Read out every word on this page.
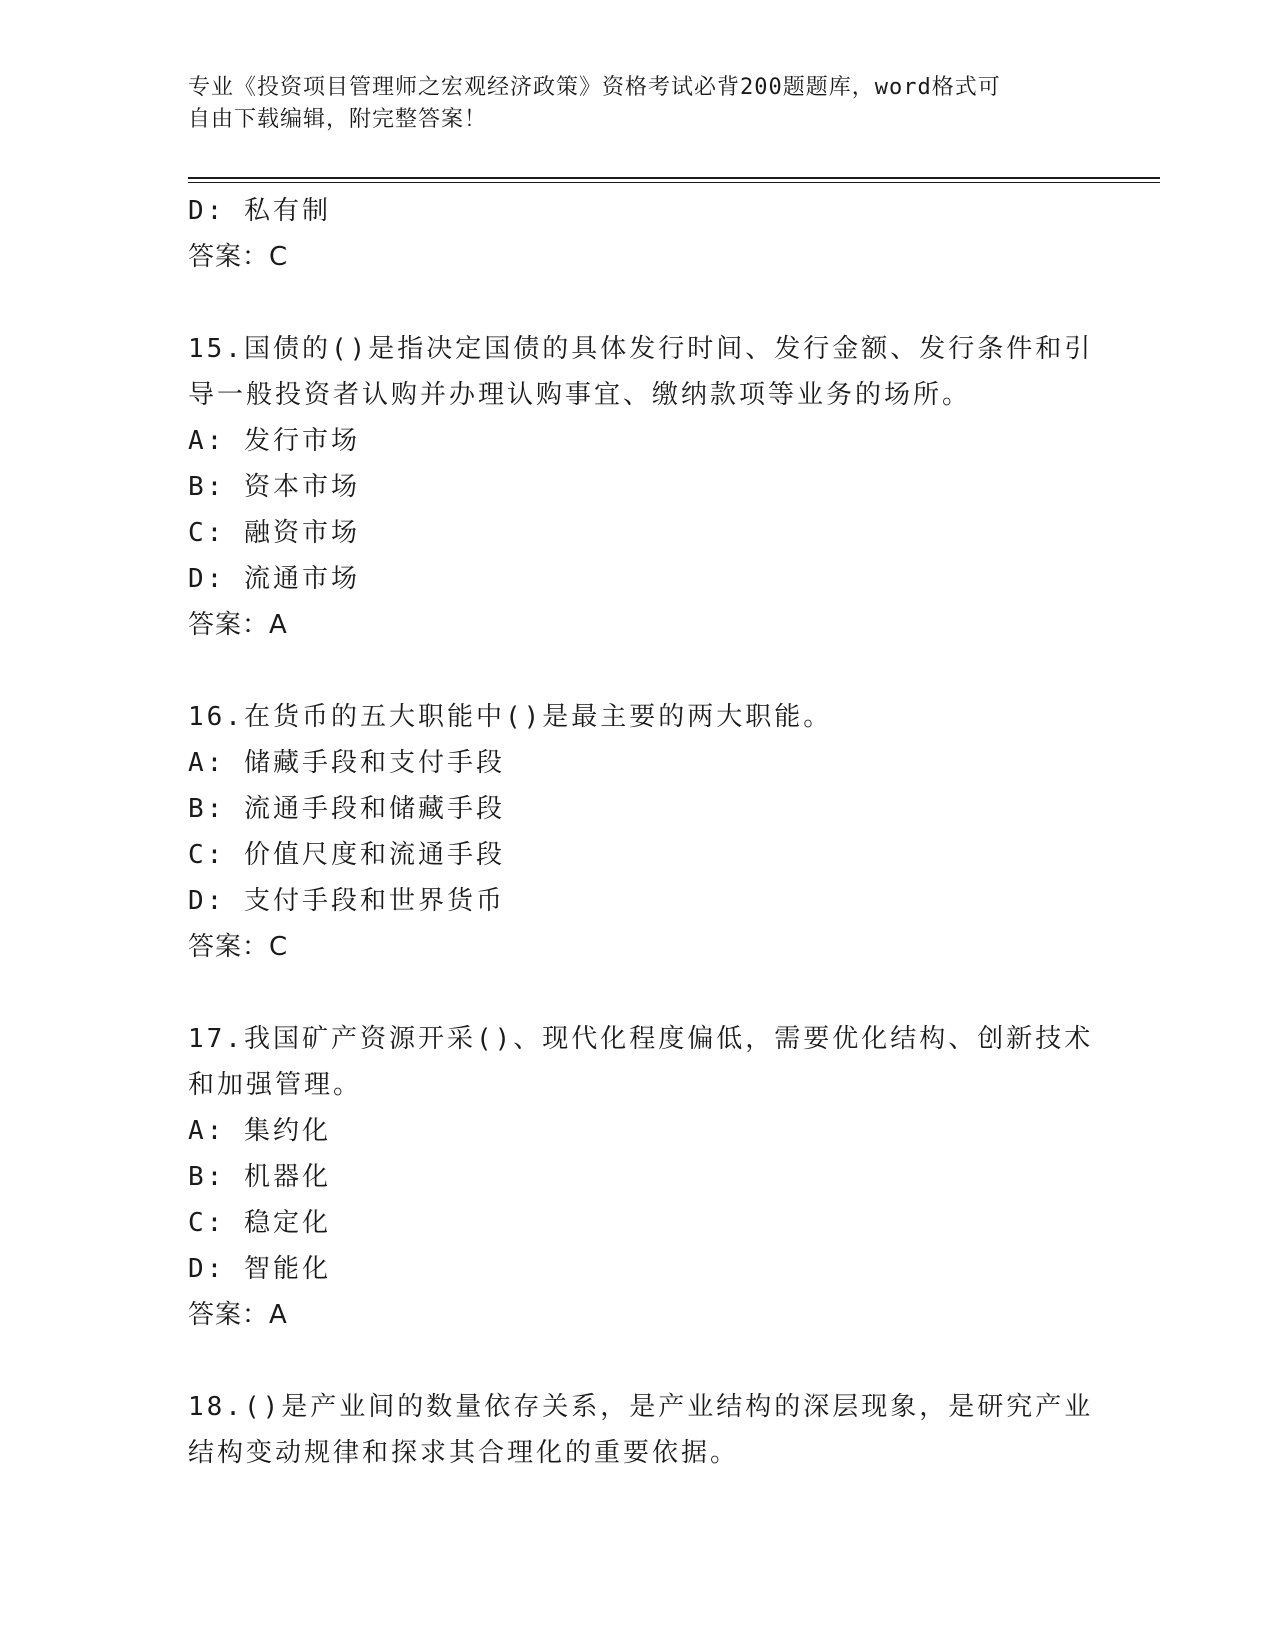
专业《投资项目管理师之宏观经济政策》资格考试必背200题题库，word格式可
自由下载编辑，附完整答案！
D: 私有制
答案：C
15.国债的()是指决定国债的具体发行时间、发行金额、发行条件和引
导一般投资者认购并办理认购事宜、缴纳款项等业务的场所。
A: 发行市场
B: 资本市场
C: 融资市场
D: 流通市场
答案：A
16.在货币的五大职能中()是最主要的两大职能。
A: 储藏手段和支付手段
B: 流通手段和储藏手段
C: 价值尺度和流通手段
D: 支付手段和世界货币
答案：C
17.我国矿产资源开采()、现代化程度偏低，需要优化结构、创新技术
和加强管理。
A: 集约化
B: 机器化
C: 稳定化
D: 智能化
答案：A
18.()是产业间的数量依存关系，是产业结构的深层现象，是研究产业
结构变动规律和探求其合理化的重要依据。
